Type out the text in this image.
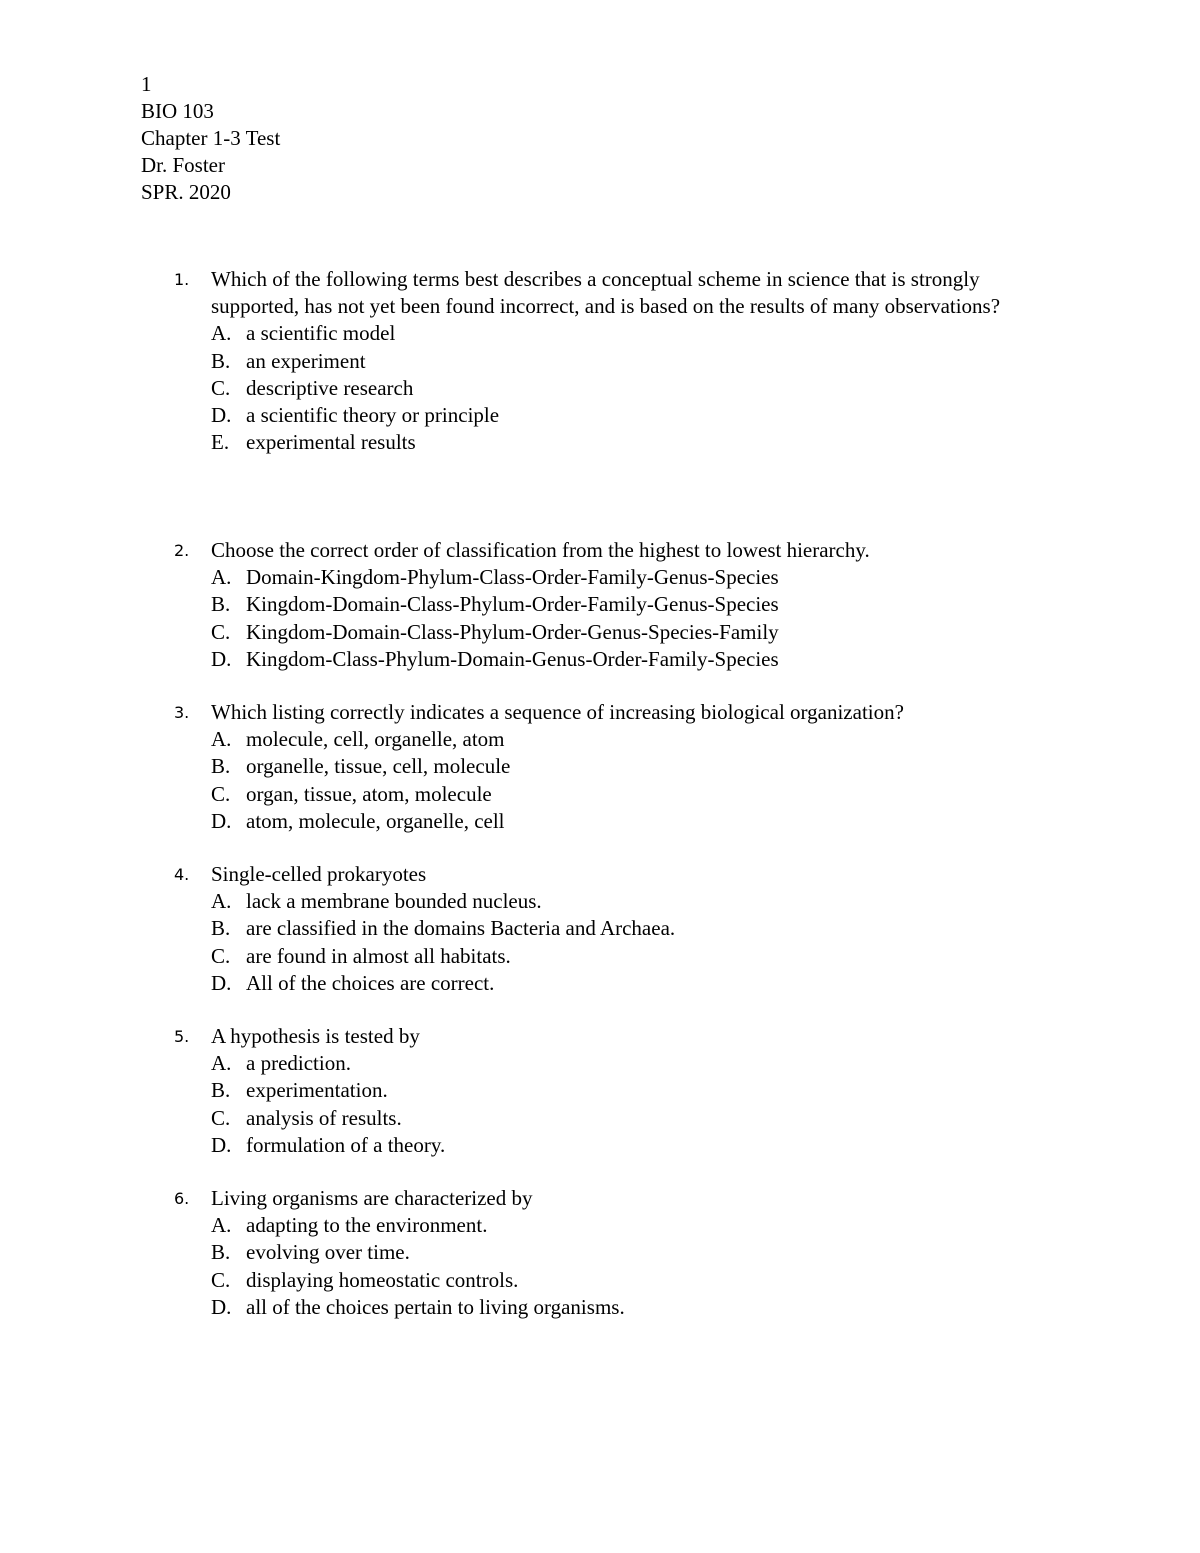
1
BIO 103
Chapter 1-3 Test
Dr. Foster
SPR. 2020
1. Which of the following terms best describes a conceptual scheme in science that is strongly supported, has not yet been found incorrect, and is based on the results of many observations?
A. a scientific model
B. an experiment
C. descriptive research
D. a scientific theory or principle
E. experimental results
2. Choose the correct order of classification from the highest to lowest hierarchy.
A. Domain-Kingdom-Phylum-Class-Order-Family-Genus-Species
B. Kingdom-Domain-Class-Phylum-Order-Family-Genus-Species
C. Kingdom-Domain-Class-Phylum-Order-Genus-Species-Family
D. Kingdom-Class-Phylum-Domain-Genus-Order-Family-Species
3. Which listing correctly indicates a sequence of increasing biological organization?
A. molecule, cell, organelle, atom
B. organelle, tissue, cell, molecule
C. organ, tissue, atom, molecule
D. atom, molecule, organelle, cell
4. Single-celled prokaryotes
A. lack a membrane bounded nucleus.
B. are classified in the domains Bacteria and Archaea.
C. are found in almost all habitats.
D. All of the choices are correct.
5. A hypothesis is tested by
A. a prediction.
B. experimentation.
C. analysis of results.
D. formulation of a theory.
6. Living organisms are characterized by
A. adapting to the environment.
B. evolving over time.
C. displaying homeostatic controls.
D. all of the choices pertain to living organisms.
